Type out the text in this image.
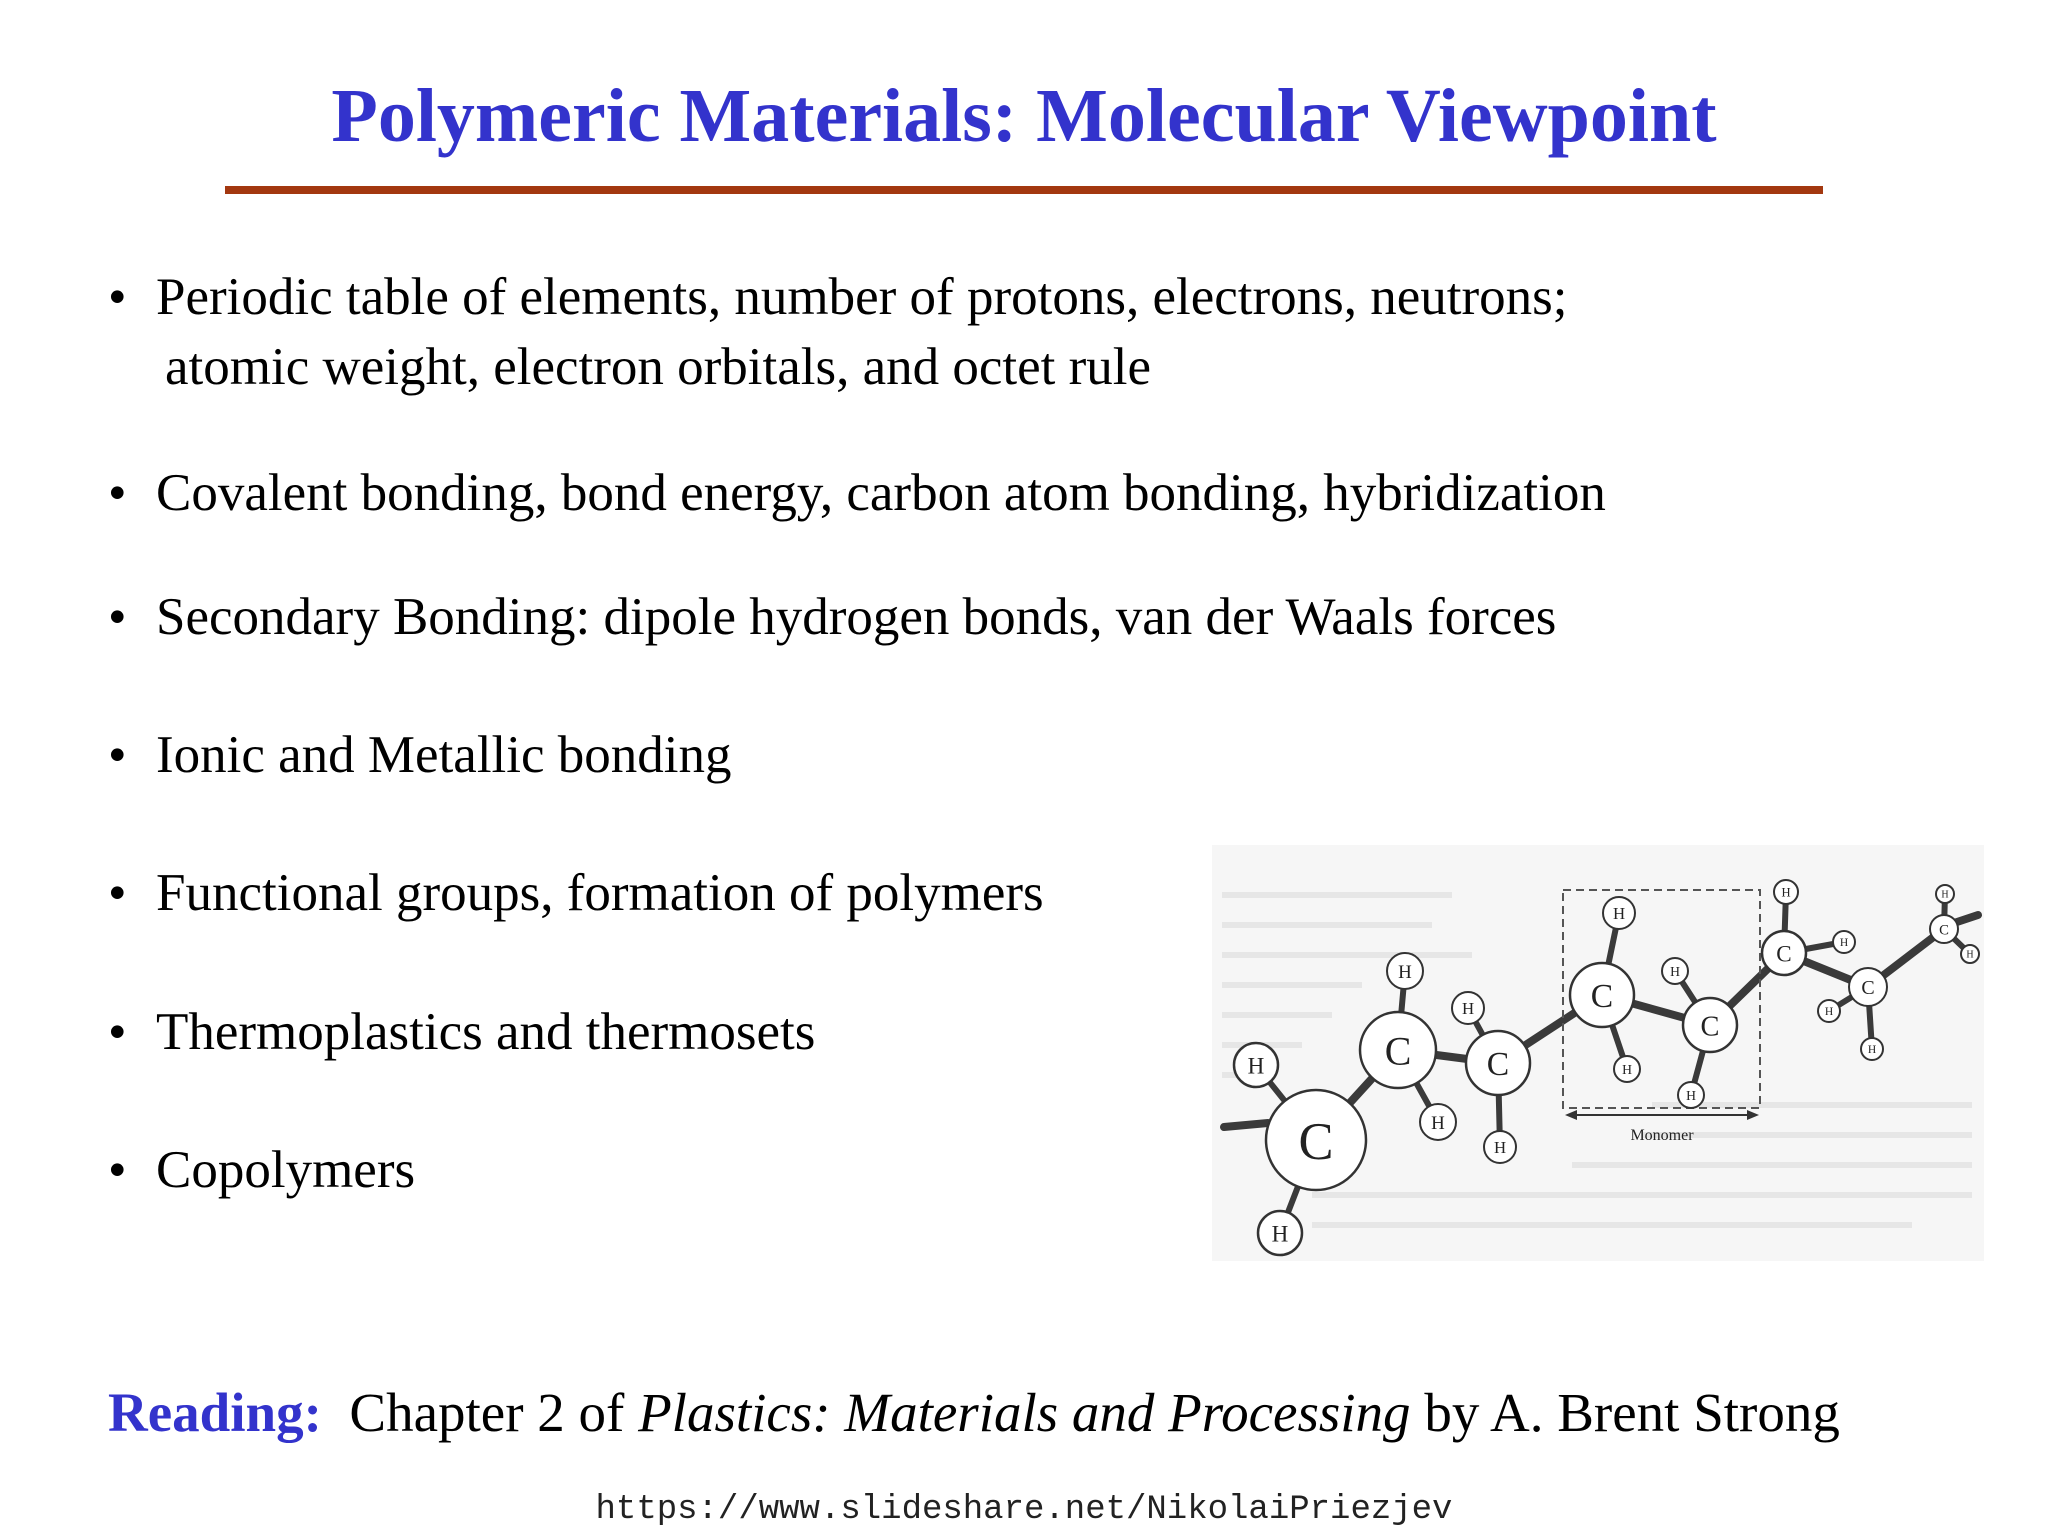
Polymeric Materials: Molecular Viewpoint
• Periodic table of elements, number of protons, electrons, neutrons;
atomic weight, electron orbitals, and octet rule
• Covalent bonding, bond energy, carbon atom bonding, hybridization
• Secondary Bonding: dipole hydrogen bonds, van der Waals forces
• Ionic and Metallic bonding
• Functional groups, formation of polymers
• Thermoplastics and thermosets
• Copolymers
Monomer
C
C C
C
C
C
C
C
H
H
H
H
H
H
H
H
H
H
H
H
H
H
H
H
Reading: Chapter 2 of Plastics: Materials and Processing by A. Brent Strong
https://www.slideshare.net/NikolaiPriezjev
